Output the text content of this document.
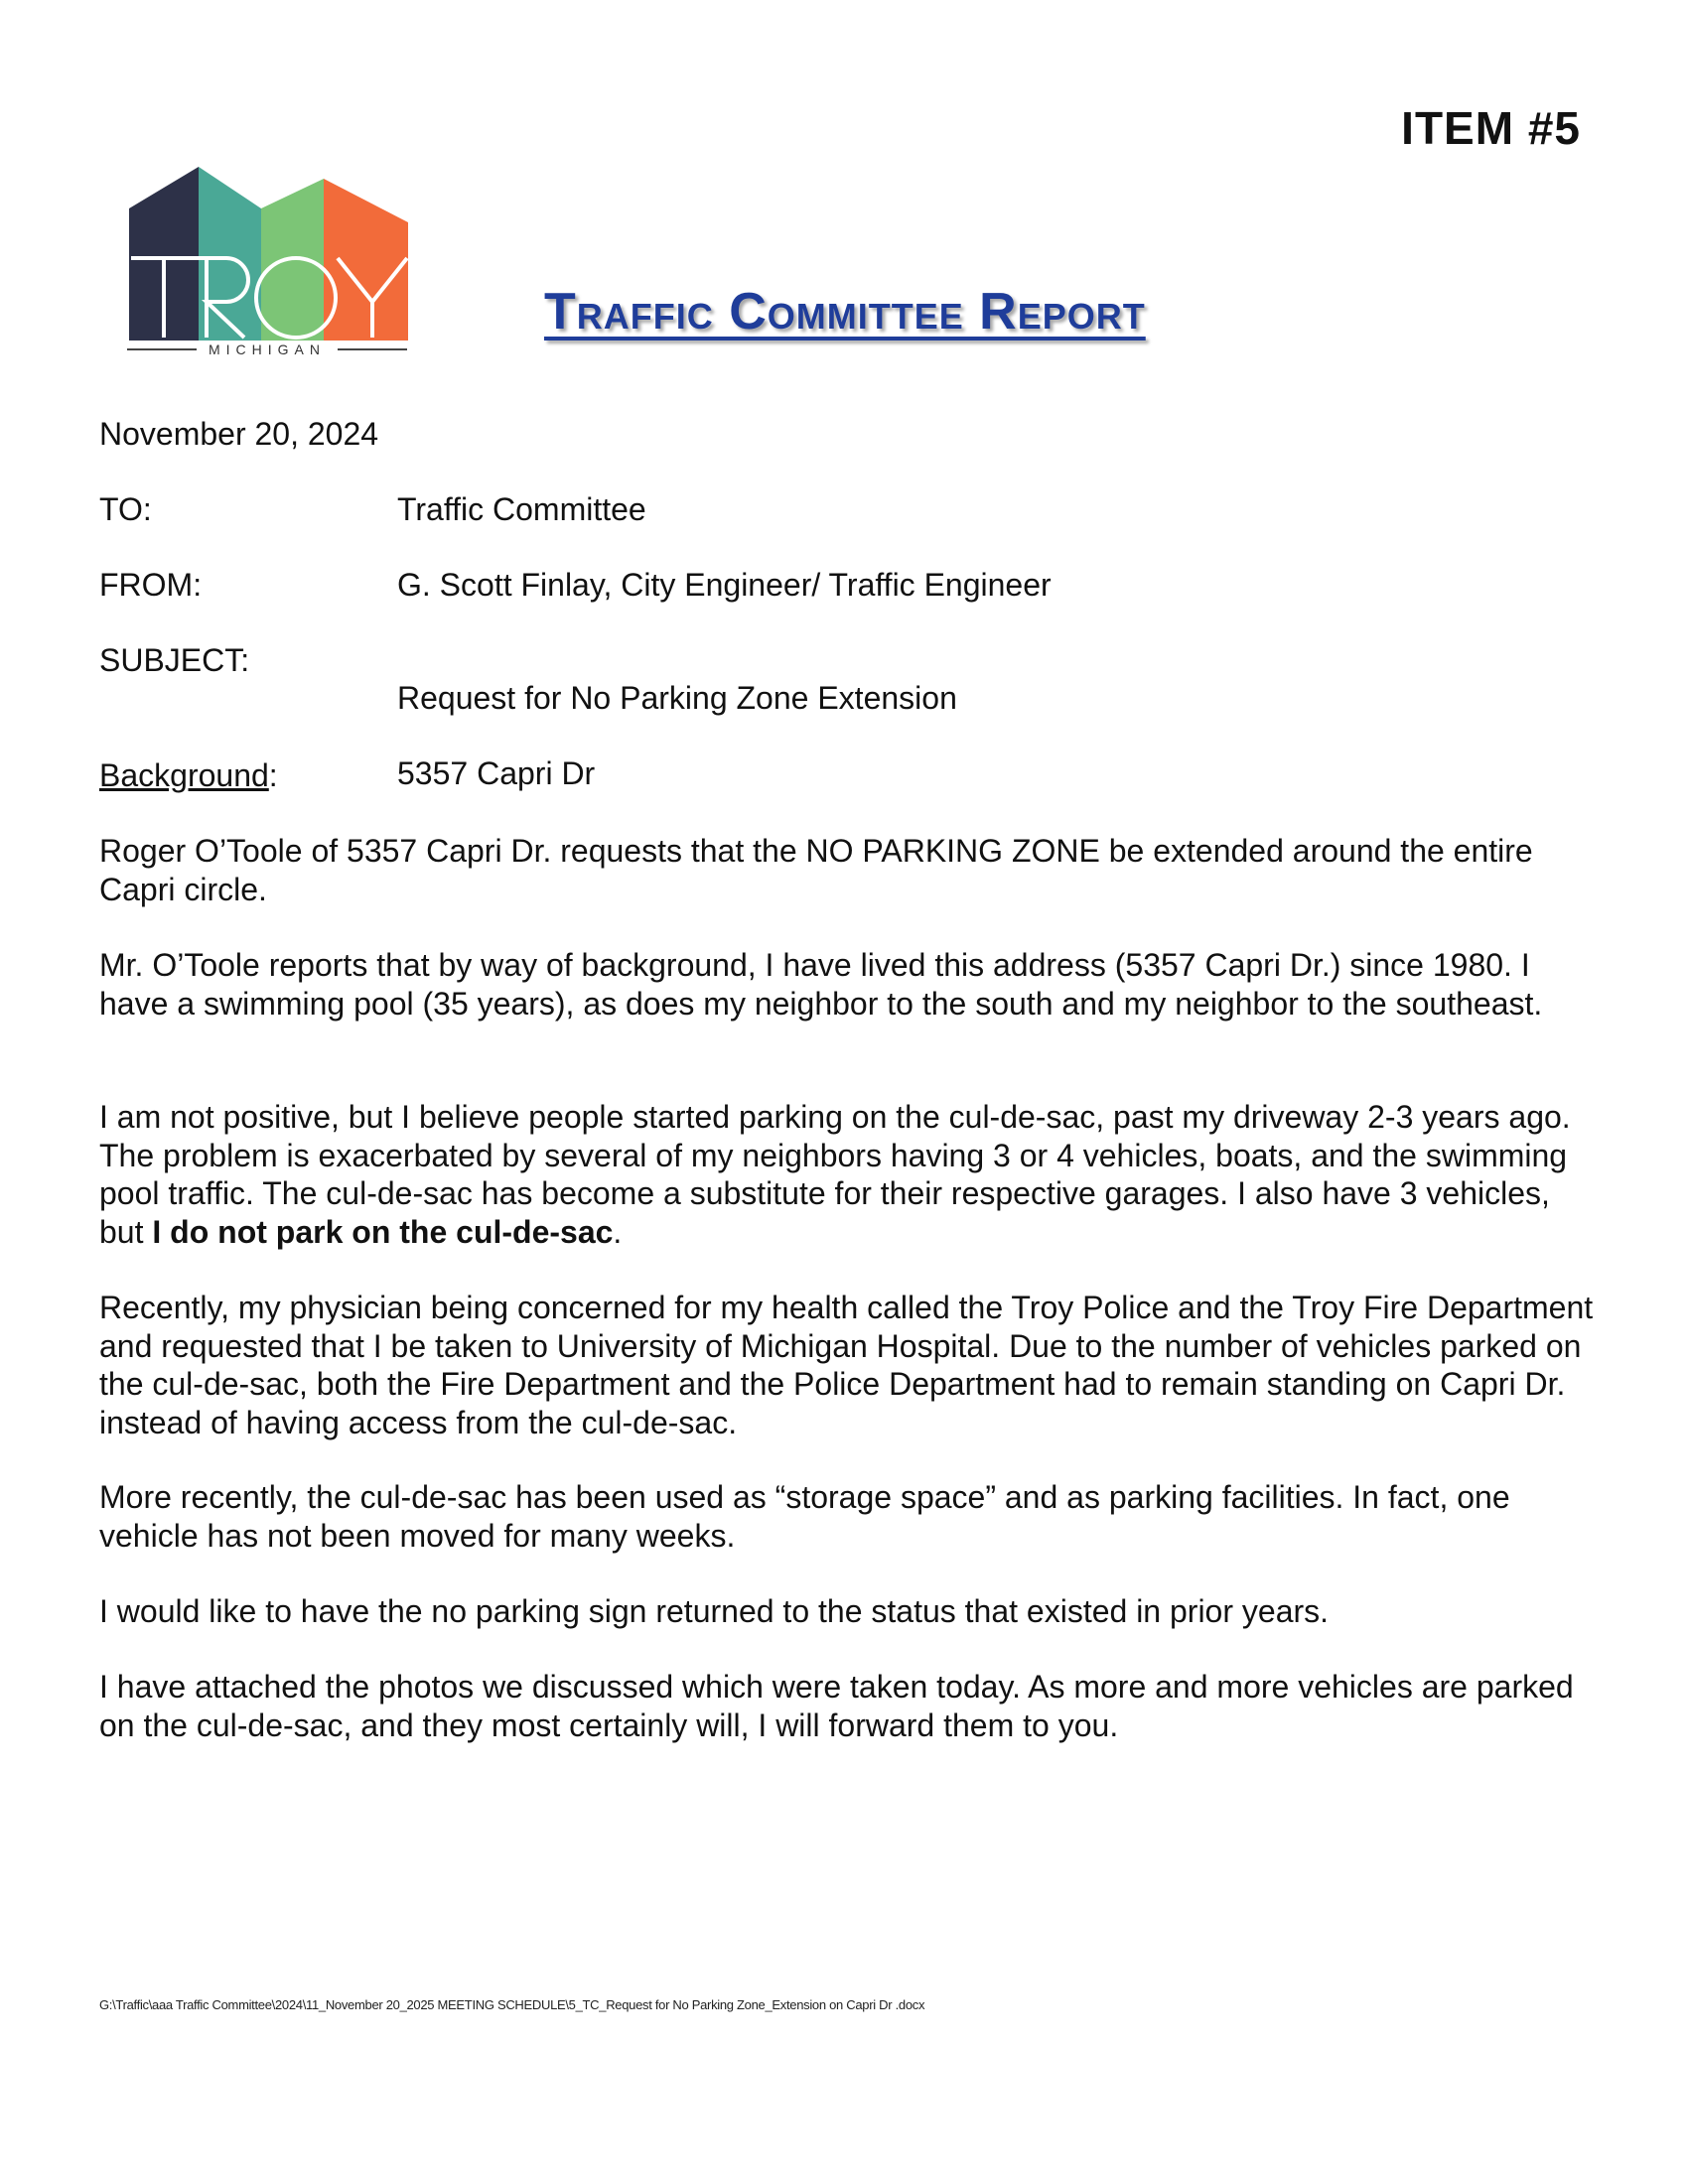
ITEM #5
MICHIGAN
Traffic Committee Report
November 20, 2024
TO:	Traffic Committee
FROM:	G. Scott Finlay, City Engineer/ Traffic Engineer
SUBJECT:

Request for No Parking Zone Extension

5357 Capri Dr

Background:

Roger O’Toole of 5357 Capri Dr. requests that the NO PARKING ZONE be extended around the entire Capri circle.

Mr. O’Toole reports that by way of background, I have lived this address (5357 Capri Dr.) since 1980. I have a swimming pool (35 years), as does my neighbor to the south and my neighbor to the southeast.

I am not positive, but I believe people started parking on the cul-de-sac, past my driveway 2-3 years ago. The problem is exacerbated by several of my neighbors having 3 or 4 vehicles, boats, and the swimming pool traffic. The cul-de-sac has become a substitute for their respective garages. I also have 3 vehicles, but I do not park on the cul-de-sac.

Recently, my physician being concerned for my health called the Troy Police and the Troy Fire Department and requested that I be taken to University of Michigan Hospital. Due to the number of vehicles parked on the cul-de-sac, both the Fire Department and the Police Department had to remain standing on Capri Dr. instead of having access from the cul-de-sac.

More recently, the cul-de-sac has been used as “storage space” and as parking facilities. In fact, one vehicle has not been moved for many weeks.

I would like to have the no parking sign returned to the status that existed in prior years.

I have attached the photos we discussed which were taken today. As more and more vehicles are parked on the cul-de-sac, and they most certainly will, I will forward them to you.

G:\Traffic\aaa Traffic Committee\2024\11_November 20_2025 MEETING SCHEDULE\5_TC_Request for No Parking Zone_Extension on Capri Dr .docx
